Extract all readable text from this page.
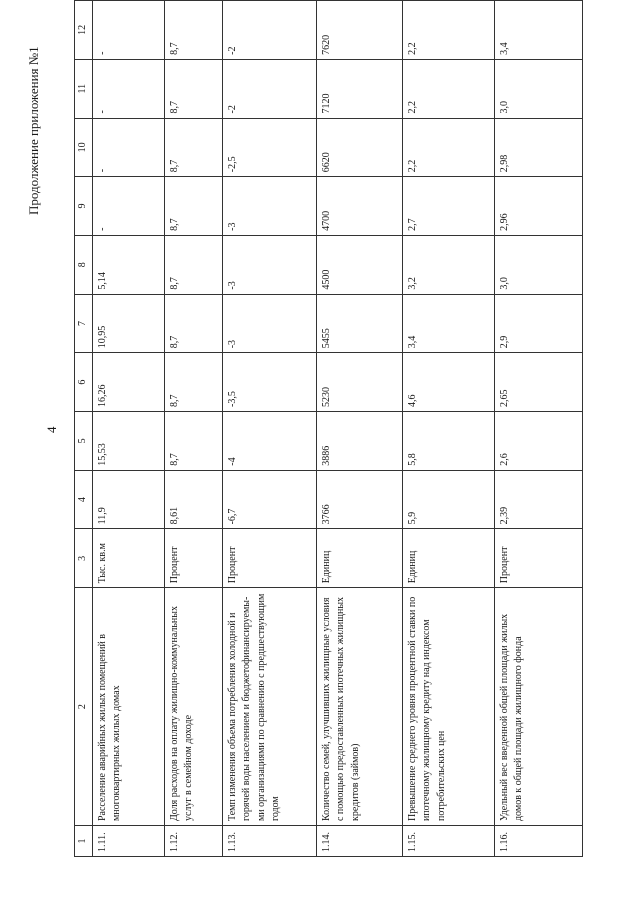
4
Продолжение приложения №1
1	2	3	4	5	6	7	8	9	10	11	12
1.11.	Расселение аварийных жилых помещений в многоквартирных жилых домах	Тыс. кв.м	11,9	15,53	16,26	10,95	5,14	-	-	-	-
1.12.	Доля расходов на оплату жилищно-коммунальных услуг в семейном доходе	Процент	8,61	8,7	8,7	8,7	8,7	8,7	8,7	8,7	8,7
1.13.	Темп изменения объема потребления холодной и горячей воды населением и бюджетофинансируемы-ми организациями по сравнению с предшествующим годом	Процент	-6,7	-4	-3,5	-3	-3	-3	-2,5	-2	-2
1.14.	Количество семей, улучшивших жилищные условия с помощью предоставленных ипотечных жилищных кредитов (займов)	Единиц	3766	3886	5230	5455	4500	4700	6620	7120	7620
1.15.	Превышение среднего уровня процентной ставки по ипотечному жилищному кредиту над индексом потребительских цен	Единиц	5,9	5,8	4,6	3,4	3,2	2,7	2,2	2,2	2,2
1.16.	Удельный вес введенной общей площади жилых домов к общей площади жилищного фонда	Процент	2,39	2,6	2,65	2,9	3,0	2,96	2,98	3,0	3,4
